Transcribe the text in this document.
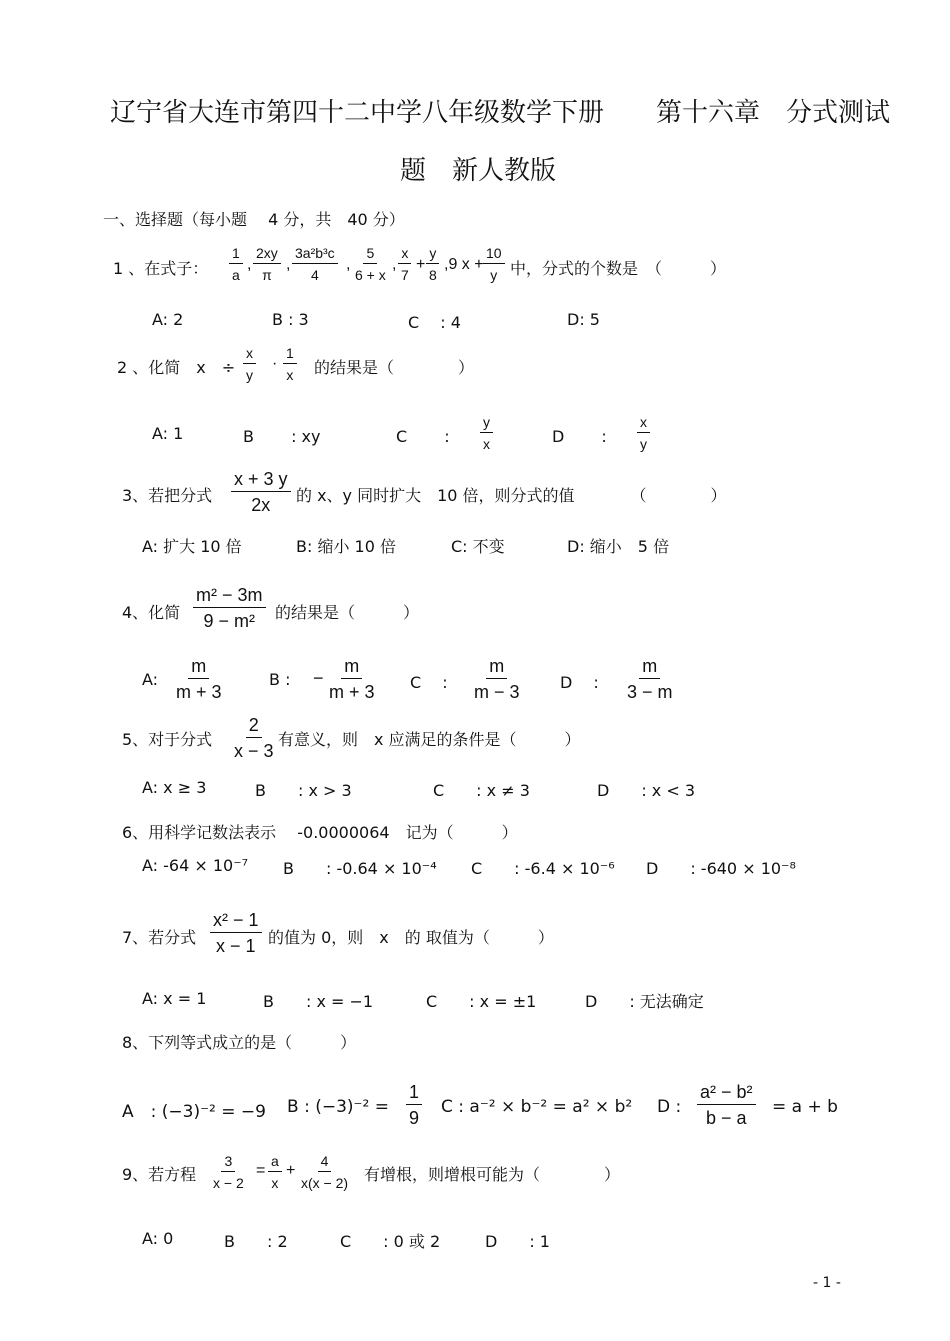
辽宁省大连市第四十二中学八年级数学下册　　第十六章　分式测试
题　新人教版
一、选择题（每小题　 4 分，共　40 分）
1 、在式子： $\frac{1}{a}$ , $\frac{2xy}{\pi}$ , $\frac{\text{3a²b³c}}{4}$ , $\frac{5}{6 + x}$ , $\frac{x}{7} + \frac{y}{8} ,9$ $x + \frac{10}{y}$ 中，分式的个数是　（　　　）
A: 2	B : 3	C 　: 4	D: 5
2 、化简　x　÷ $\frac{x}{y} \cdot \frac{1}{x}$ 的结果是（　　　　）
A: 1	B　　 : xy	C　　 : $\frac{y}{x}$	D　　 : $\frac{x}{y}$
3、若把分式 $\frac{x + 3 y}{2x}$ 的 x、y 同时扩大　10 倍，则分式的值　　　　（　　　　）
A: 扩大 10 倍	B: 缩小 10 倍	C: 不变	D: 缩小　5 倍
4、化简 $\frac{\text{m² − 3m}}{\text{9 − m²}}$ 的结果是（　　　）
A: $\frac{m}{m + 3}$	B : − $\frac{m}{m + 3}$ C　 : $\frac{m}{m - 3}$ D　 : $\frac{m}{3 - m}$
5、对于分式 $\frac{2}{x - 3}$ 有意义，则　x 应满足的条件是（　　　）
A: x ≥ 3	B　　: x > 3	C　　: x ≠ 3	D　　: x < 3
6、用科学记数法表示　 -0.0000064　记为（　　　）
A: -64 × 10⁻⁷ B　　: -0.64 × 10⁻⁴ C　　: -6.4 × 10⁻⁶ D　　: -640 × 10⁻⁸
7、若分式 $\frac{\text{x² − 1}}{x - 1}$ 的值为 0，则　x　的 取值为（　　　）
A: x = 1	B　　: x = −1	C　　: x = ±1	D　　: 无法确定
8、下列等式成立的是（　　　）
A　: (−3)⁻² = −9 B : $(-3)^{-2} = \frac{1}{9}$ C : a⁻² × b⁻² = a² × b² D : $\frac{\text{a² − b²}}{b - a} = a + b$
9、若方程 $\frac{3}{x - 2} = \frac{a}{x} + \frac{4}{x(x - 2)}$ 有增根，则增根可能为（　　　　）
A: 0	B　　: 2	C　　: 0 或 2	D　　: 1
- 1 -
